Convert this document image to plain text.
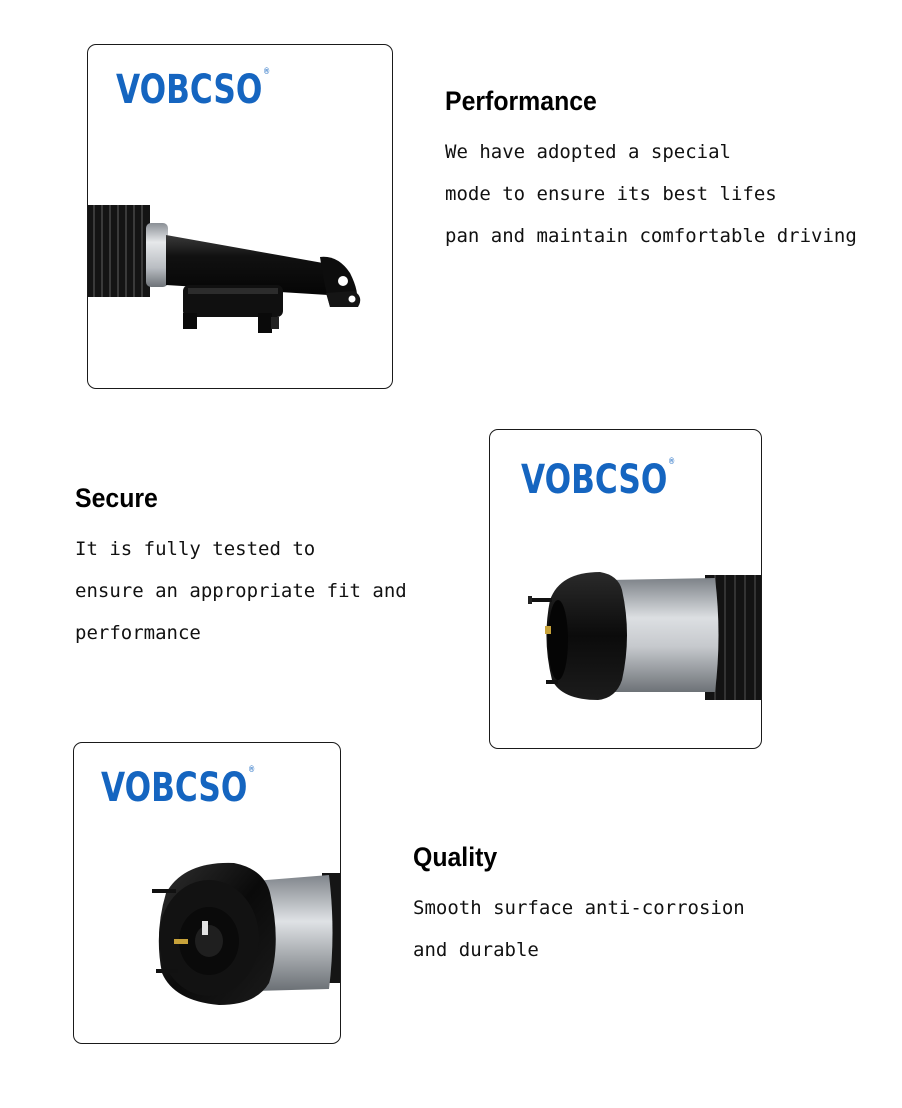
VOBCSO ®
Performance

We have adopted a special
mode to ensure its best lifes
pan and maintain comfortable driving

VOBCSO ®
Secure

It is fully tested to
ensure an appropriate fit and
performance

VOBCSO ®
Quality

Smooth surface anti-corrosion
and durable
